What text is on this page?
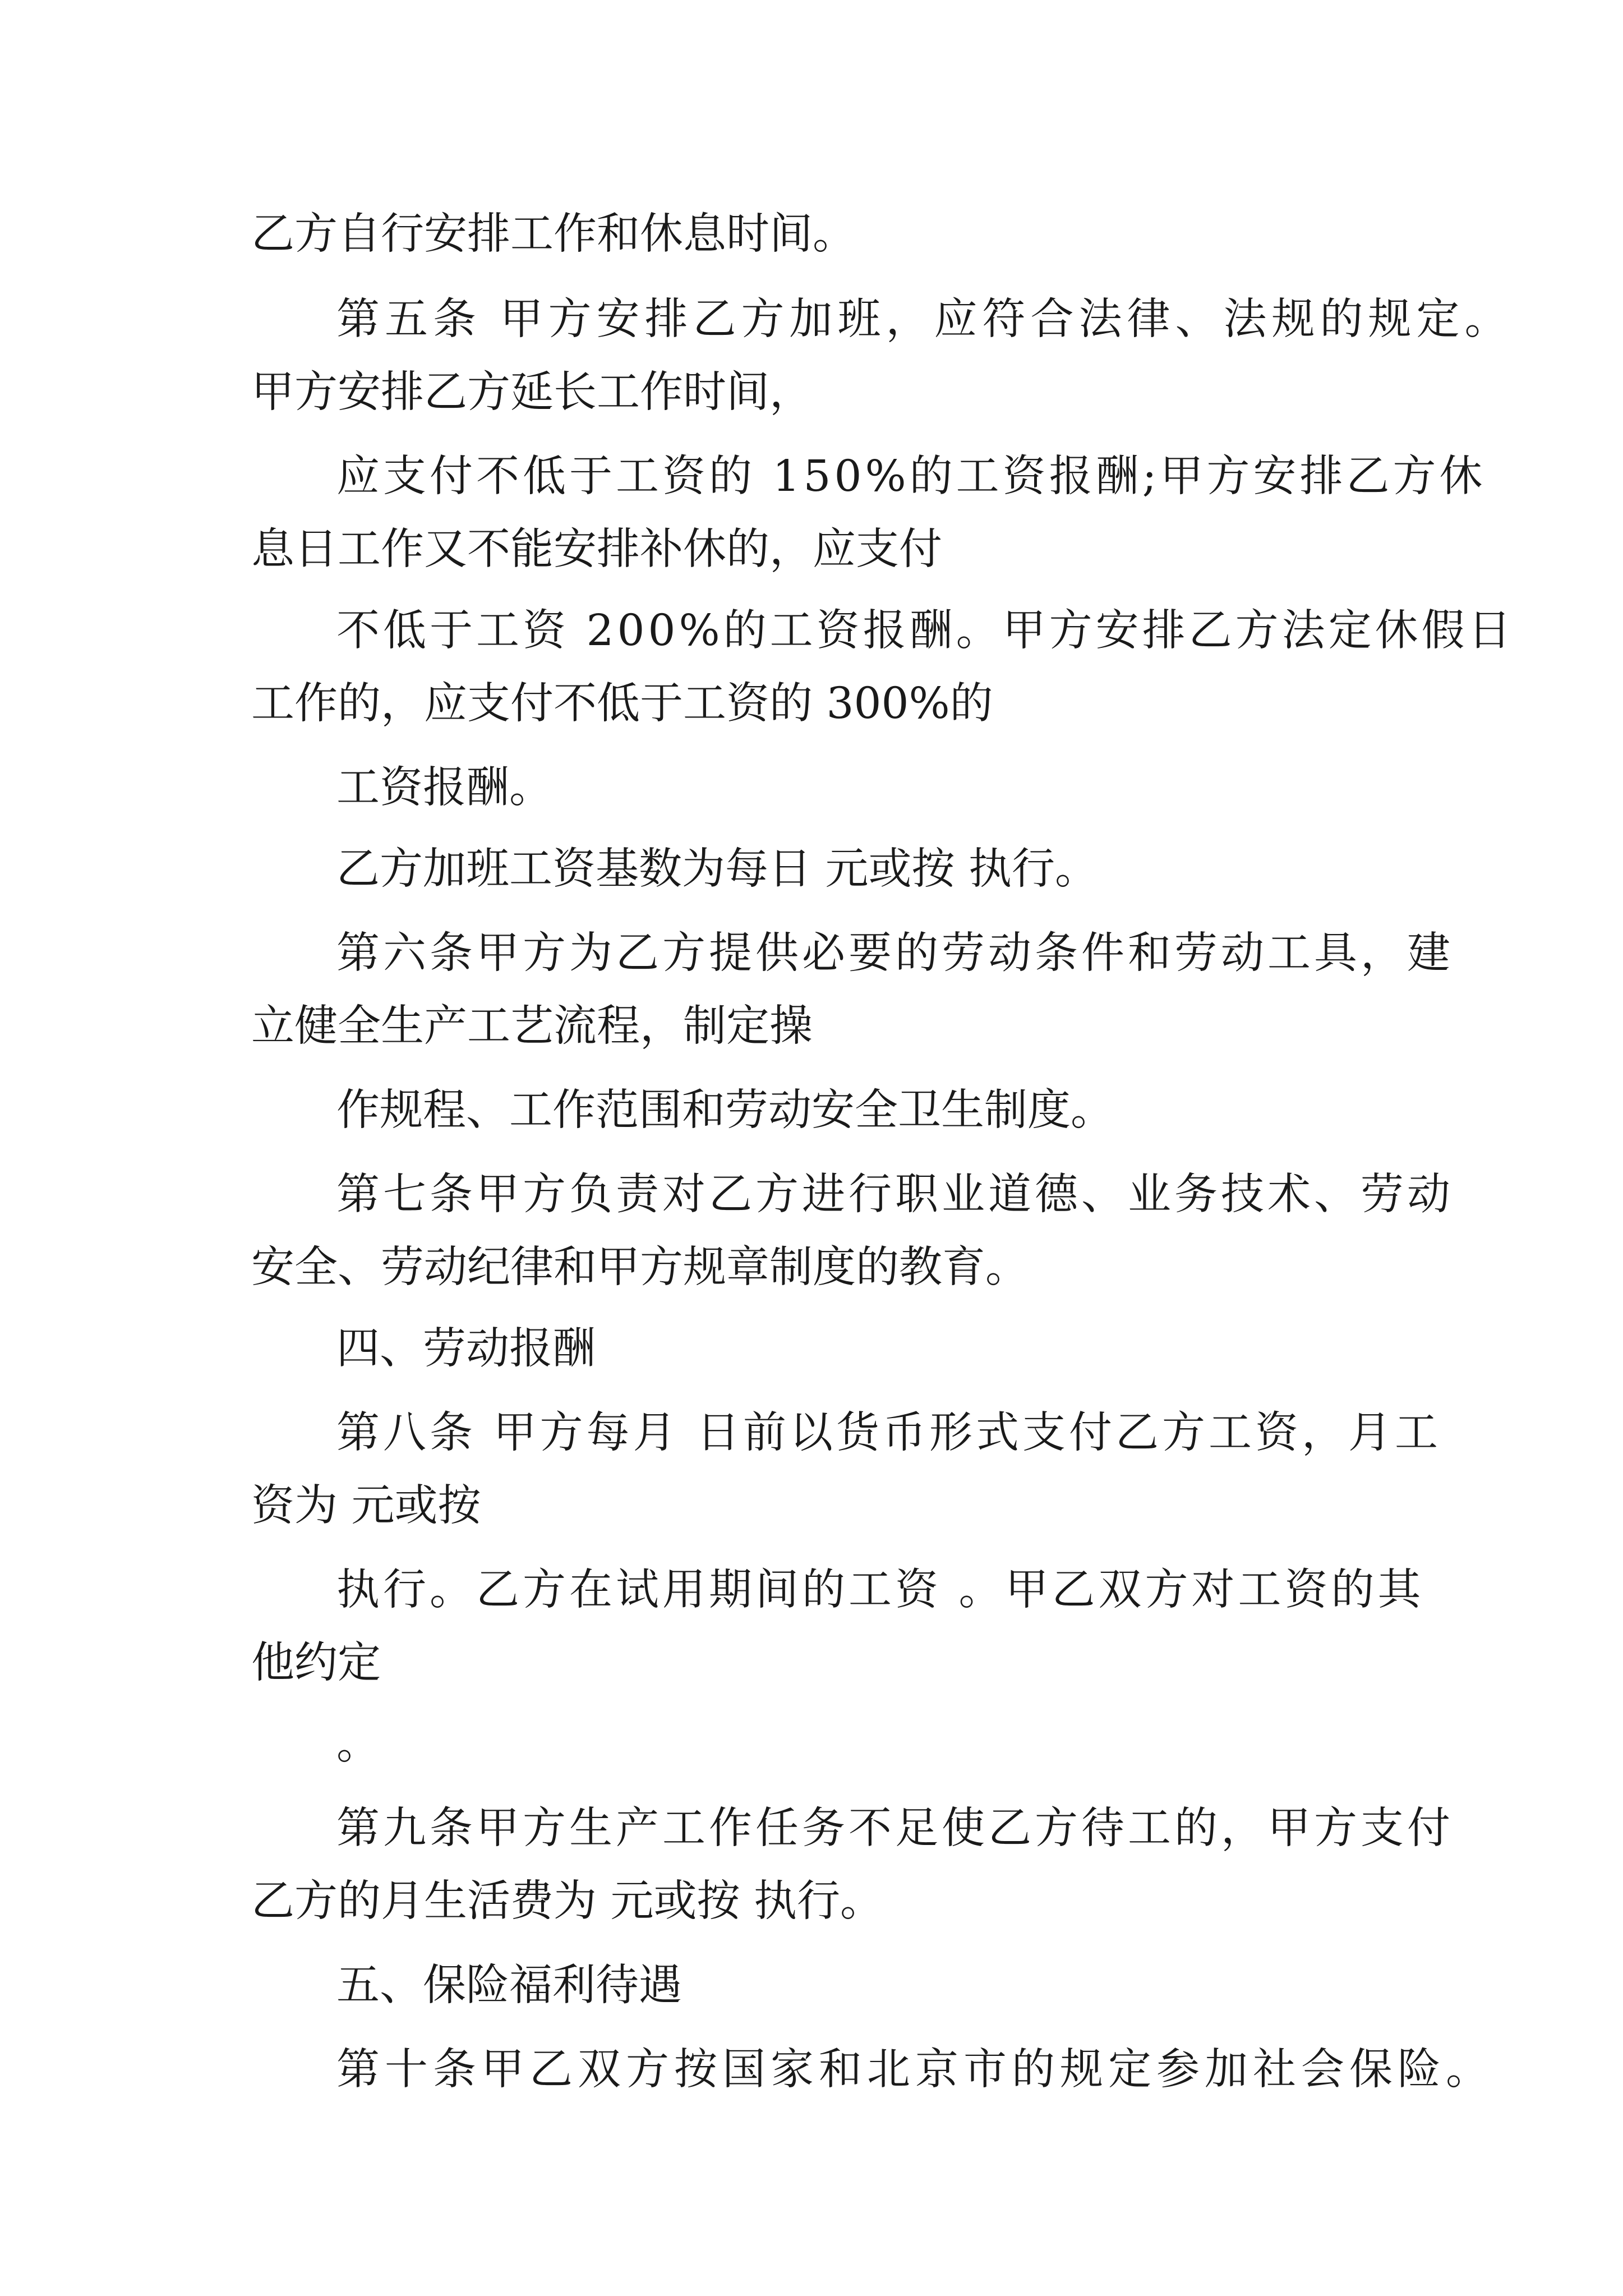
乙方自行安排工作和休息时间。

第五条 甲方安排乙方加班，应符合法律、法规的规定。

甲方安排乙方延长工作时间，

应支付不低于工资的 150%的工资报酬;甲方安排乙方休

息日工作又不能安排补休的，应支付

不低于工资 200%的工资报酬。甲方安排乙方法定休假日

工作的，应支付不低于工资的 300%的

工资报酬。

乙方加班工资基数为每日 元或按 执行。

第六条甲方为乙方提供必要的劳动条件和劳动工具，建

立健全生产工艺流程，制定操

作规程、工作范围和劳动安全卫生制度。

第七条甲方负责对乙方进行职业道德、业务技术、劳动

安全、劳动纪律和甲方规章制度的教育。

四、劳动报酬

第八条 甲方每月 日前以货币形式支付乙方工资，月工

资为 元或按

执行。乙方在试用期间的工资 。甲乙双方对工资的其

他约定

。

第九条甲方生产工作任务不足使乙方待工的，甲方支付

乙方的月生活费为 元或按 执行。

五、保险福利待遇

第十条甲乙双方按国家和北京市的规定参加社会保险。
